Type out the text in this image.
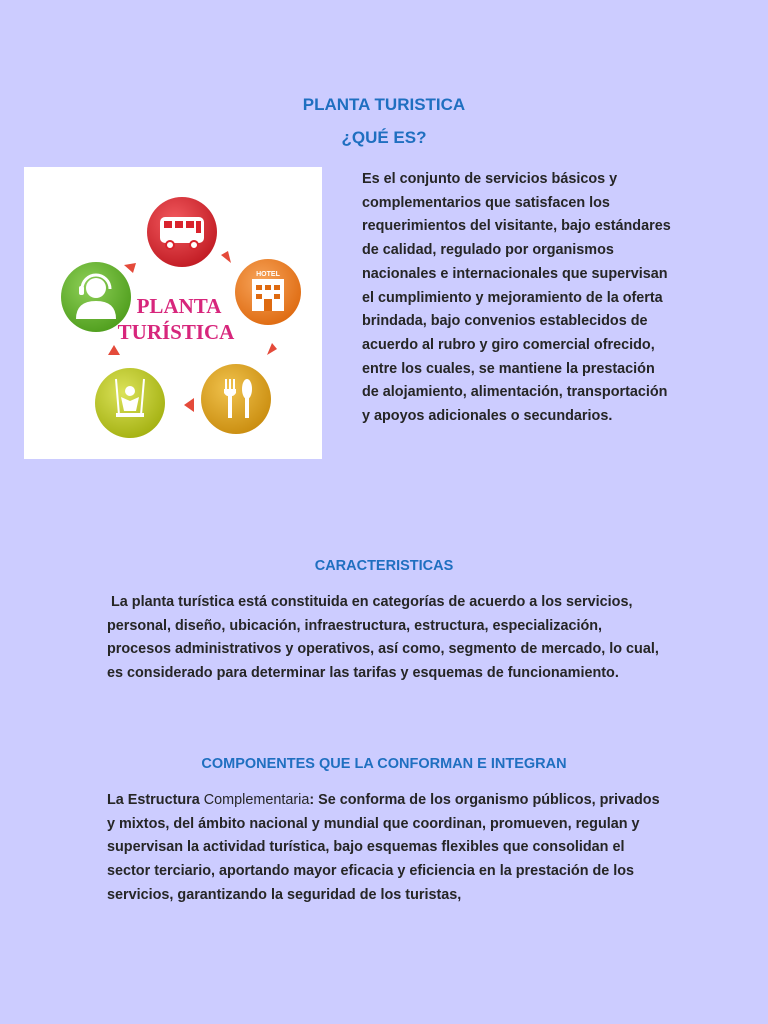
PLANTA TURISTICA
¿QUÉ ES?
HOTEL
PLANTA
TURÍSTICA

Es el conjunto de servicios básicos y complementarios que satisfacen los requerimientos del visitante, bajo estándares de calidad, regulado por organismos nacionales e internacionales que supervisan el cumplimiento y mejoramiento de la oferta brindada, bajo convenios establecidos de acuerdo al rubro y giro comercial ofrecido, entre los cuales, se mantiene la prestación de alojamiento, alimentación, transportación y apoyos adicionales o secundarios.

CARACTERISTICAS

La planta turística está constituida en categorías de acuerdo a los servicios, personal, diseño, ubicación, infraestructura, estructura, especialización, procesos administrativos y operativos, así como, segmento de mercado, lo cual, es considerado para determinar las tarifas y esquemas de funcionamiento.

COMPONENTES QUE LA CONFORMAN E INTEGRAN

La Estructura Complementaria: Se conforma de los organismo públicos, privados y mixtos, del ámbito nacional y mundial que coordinan, promueven, regulan y supervisan la actividad turística, bajo esquemas flexibles que consolidan el sector terciario, aportando mayor eficacia y eficiencia en la prestación de los servicios, garantizando la seguridad de los turistas,
